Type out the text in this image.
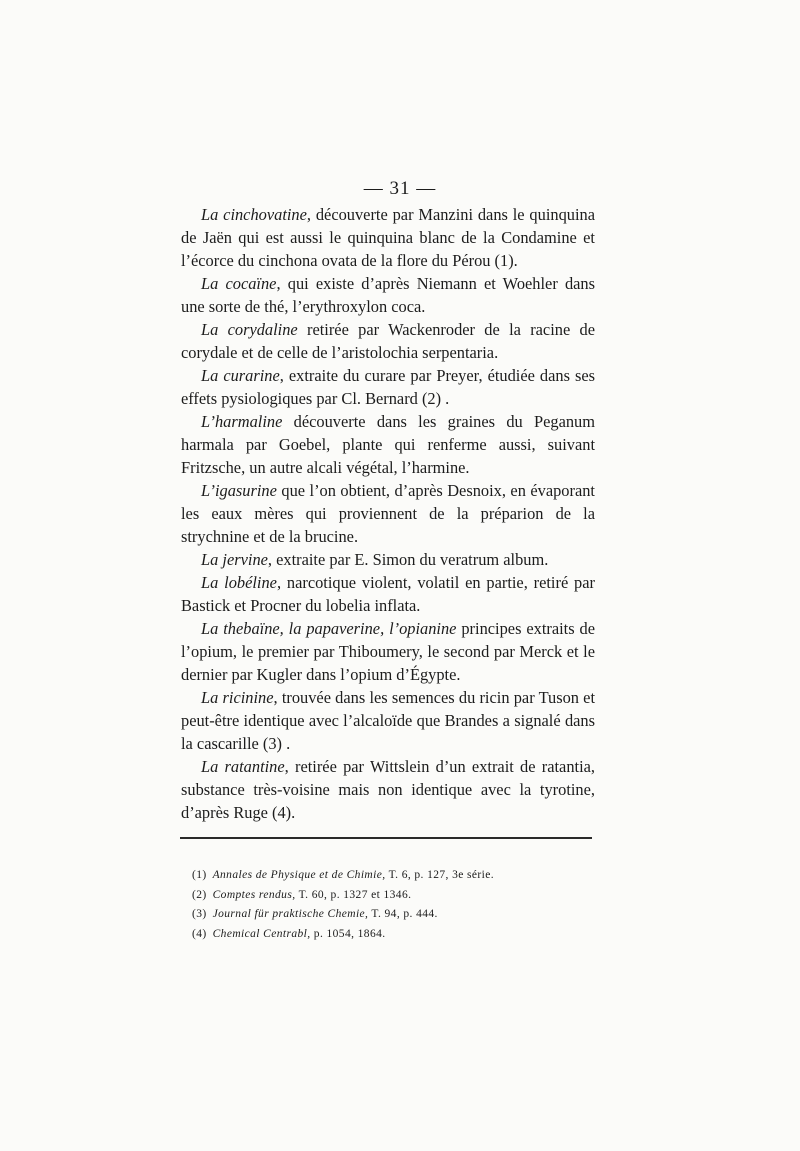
— 31 —

La cinchovatine, découverte par Manzini dans le quinquina de Jaën qui est aussi le quinquina blanc de la Condamine et l’écorce du cinchona ovata de la flore du Pérou (1).

La cocaïne, qui existe d’après Niemann et Woehler dans une sorte de thé, l’erythroxylon coca.

La corydaline retirée par Wackenroder de la racine de corydale et de celle de l’aristolochia serpentaria.

La curarine, extraite du curare par Preyer, étudiée dans ses effets pysiologiques par Cl. Bernard (2) .

L’harmaline découverte dans les graines du Peganum harmala par Goebel, plante qui renferme aussi, suivant Fritzsche, un autre alcali végétal, l’harmine.

L’igasurine que l’on obtient, d’après Desnoix, en évaporant les eaux mères qui proviennent de la préparion de la strychnine et de la brucine.

La jervine, extraite par E. Simon du veratrum album.

La lobéline, narcotique violent, volatil en partie, retiré par Bastick et Procner du lobelia inflata.

La thebaïne, la papaverine, l’opianine principes extraits de l’opium, le premier par Thiboumery, le second par Merck et le dernier par Kugler dans l’opium d’Égypte.

La ricinine, trouvée dans les semences du ricin par Tuson et peut-être identique avec l’alcaloïde que Brandes a signalé dans la cascarille (3) .

La ratantine, retirée par Wittslein d’un extrait de ratantia, substance très-voisine mais non identique avec la tyrotine, d’après Ruge (4).

(1) Annales de Physique et de Chimie, T. 6, p. 127, 3e série.
(2) Comptes rendus, T. 60, p. 1327 et 1346.
(3) Journal für praktische Chemie, T. 94, p. 444.
(4) Chemical Centrabl, p. 1054, 1864.
